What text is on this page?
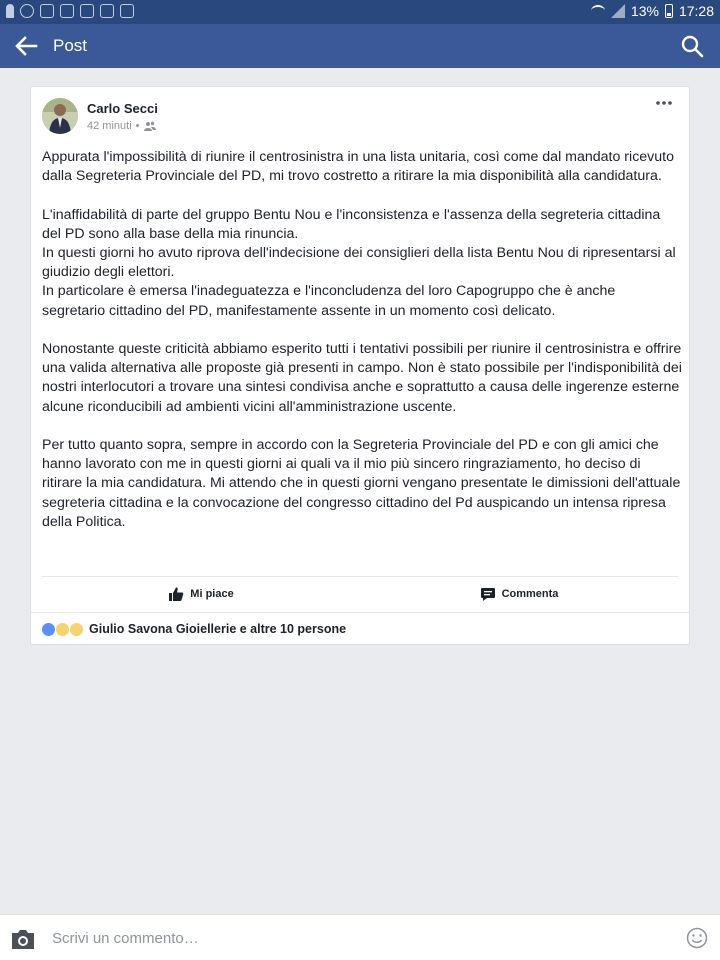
13% 17:28
Post
Carlo Secci
42 minuti •

Appurata l'impossibilità di riunire il centrosinistra in una lista unitaria, così come dal mandato ricevuto dalla Segreteria Provinciale del PD, mi trovo costretto a ritirare la mia disponibilità alla candidatura.

L'inaffidabilità di parte del gruppo Bentu Nou e l'inconsistenza e l'assenza della segreteria cittadina del PD sono alla base della mia rinuncia.
In questi giorni ho avuto riprova dell'indecisione dei consiglieri della lista Bentu Nou di ripresentarsi al giudizio degli elettori.
In particolare è emersa l'inadeguatezza e l'inconcludenza del loro Capogruppo che è anche segretario cittadino del PD, manifestamente assente in un momento così delicato.

Nonostante queste criticità abbiamo esperito tutti i tentativi possibili per riunire il centrosinistra e offrire una valida alternativa alle proposte già presenti in campo. Non è stato possibile per l'indisponibilità dei nostri interlocutori a trovare una sintesi condivisa anche e soprattutto a causa delle ingerenze esterne alcune riconducibili ad ambienti vicini all'amministrazione uscente.

Per tutto quanto sopra, sempre in accordo con la Segreteria Provinciale del PD e con gli amici che hanno lavorato con me in questi giorni ai quali va il mio più sincero ringraziamento, ho deciso di ritirare la mia candidatura. Mi attendo che in questi giorni vengano presentate le dimissioni dell'attuale segreteria cittadina e la convocazione del congresso cittadino del Pd auspicando un intensa ripresa della Politica.

Mi piace	Commenta
Giulio Savona Gioiellerie e altre 10 persone
Scrivi un commento…
